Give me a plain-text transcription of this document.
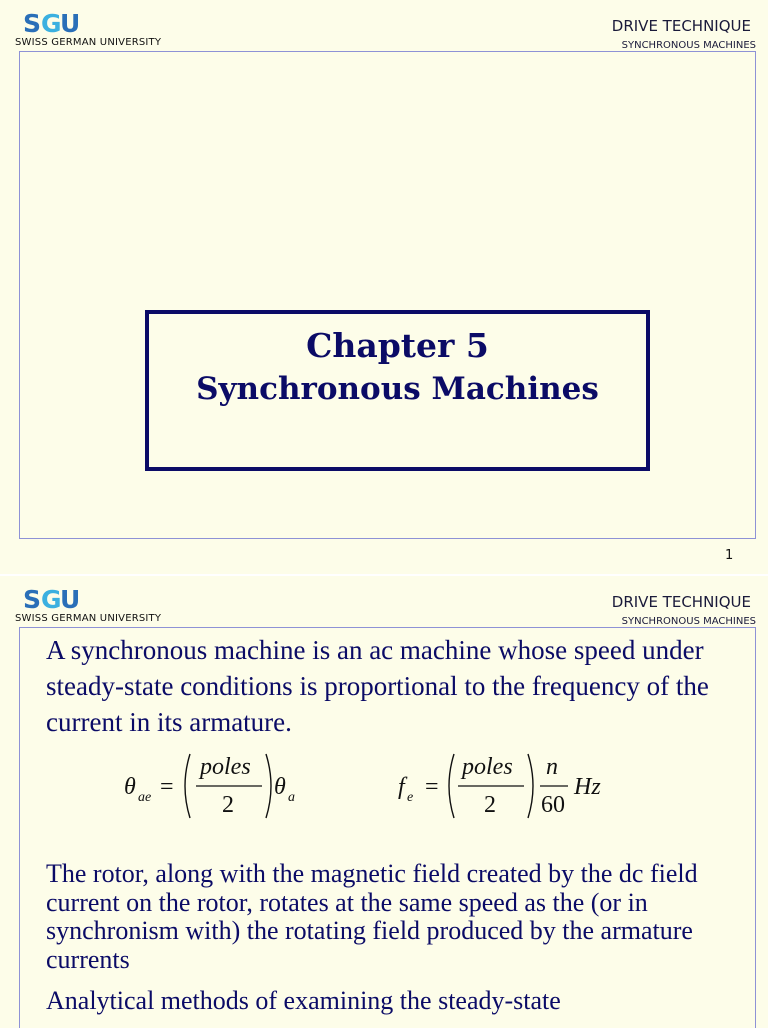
S G U
SWISS GERMAN UNIVERSITY
DRIVE TECHNIQUE
SYNCHRONOUS MACHINES
Chapter 5
Synchronous Machines
1
S G U
SWISS GERMAN UNIVERSITY
DRIVE TECHNIQUE
SYNCHRONOUS MACHINES
A synchronous machine is an ac machine whose speed under steady-state conditions is proportional to the frequency of the current in its armature.
θ ae =
poles
2
θ a	f e =
poles
2
n
60
Hz
The rotor, along with the magnetic field created by the dc field current on the rotor, rotates at the same speed as the (or in synchronism with) the rotating field produced by the armature currents
Analytical methods of examining the steady-state
